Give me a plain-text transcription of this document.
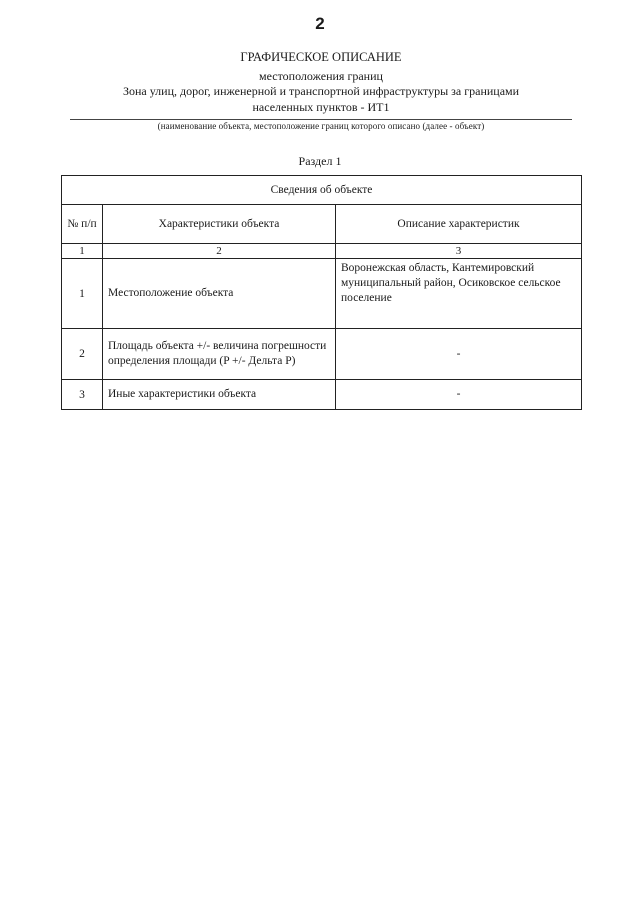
2
ГРАФИЧЕСКОЕ ОПИСАНИЕ
местоположения границ
Зона улиц, дорог, инженерной и транспортной инфраструктуры за границами
населенных пунктов - ИТ1
(наименование объекта, местоположение границ которого описано (далее - объект)
Раздел 1
Сведения об объекте		
№ п/п	Характеристики объекта	Описание характеристик
1	2	3
1	Местоположение объекта	Воронежская область, Кантемировский муниципальный район, Осиковское сельское поселение
2	Площадь объекта +/- величина погрешности определения площади (P +/- Дельта P)	-
3	Иные характеристики объекта	-
